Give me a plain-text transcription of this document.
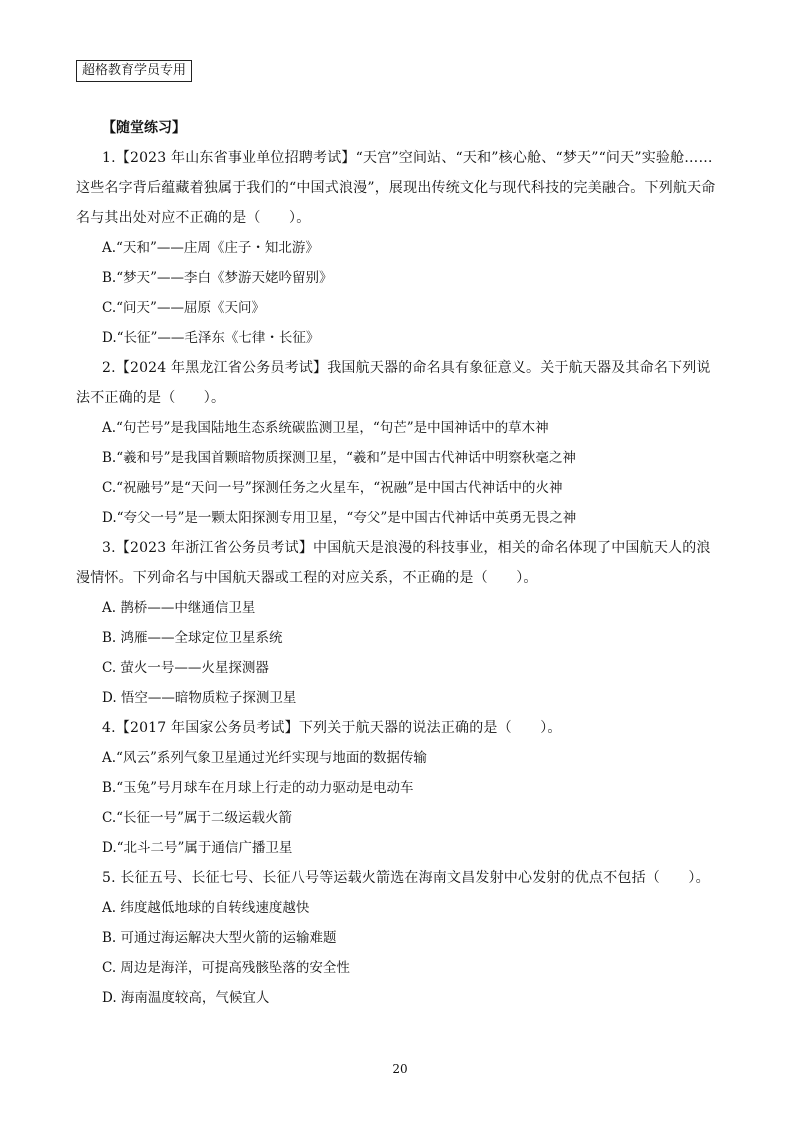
超格教育学员专用

【随堂练习】

1.【2023 年山东省事业单位招聘考试】“天宫”空间站、“天和”核心舱、“梦天”“问天”实验舱……这些名字背后蕴藏着独属于我们的“中国式浪漫”，展现出传统文化与现代科技的完美融合。下列航天命名与其出处对应不正确的是（　　）。

A.“天和”——庄周《庄子・知北游》

B.“梦天”——李白《梦游天姥吟留别》

C.“问天”——屈原《天问》

D.“长征”——毛泽东《七律・长征》

2.【2024 年黑龙江省公务员考试】我国航天器的命名具有象征意义。关于航天器及其命名下列说法不正确的是（　　）。

A.“句芒号”是我国陆地生态系统碳监测卫星，“句芒”是中国神话中的草木神

B.“羲和号”是我国首颗暗物质探测卫星，“羲和”是中国古代神话中明察秋毫之神

C.“祝融号”是“天问一号”探测任务之火星车，“祝融”是中国古代神话中的火神

D.“夸父一号”是一颗太阳探测专用卫星，“夸父”是中国古代神话中英勇无畏之神

3.【2023 年浙江省公务员考试】中国航天是浪漫的科技事业，相关的命名体现了中国航天人的浪漫情怀。下列命名与中国航天器或工程的对应关系，不正确的是（　　）。

A. 鹊桥——中继通信卫星

B. 鸿雁——全球定位卫星系统

C. 萤火一号——火星探测器

D. 悟空——暗物质粒子探测卫星

4.【2017 年国家公务员考试】下列关于航天器的说法正确的是（　　）。

A.“风云”系列气象卫星通过光纤实现与地面的数据传输

B.“玉兔”号月球车在月球上行走的动力驱动是电动车

C.“长征一号”属于二级运载火箭

D.“北斗二号”属于通信广播卫星

5. 长征五号、长征七号、长征八号等运载火箭选在海南文昌发射中心发射的优点不包括（　　）。

A. 纬度越低地球的自转线速度越快

B. 可通过海运解决大型火箭的运输难题

C. 周边是海洋，可提高残骸坠落的安全性

D. 海南温度较高，气候宜人

20
